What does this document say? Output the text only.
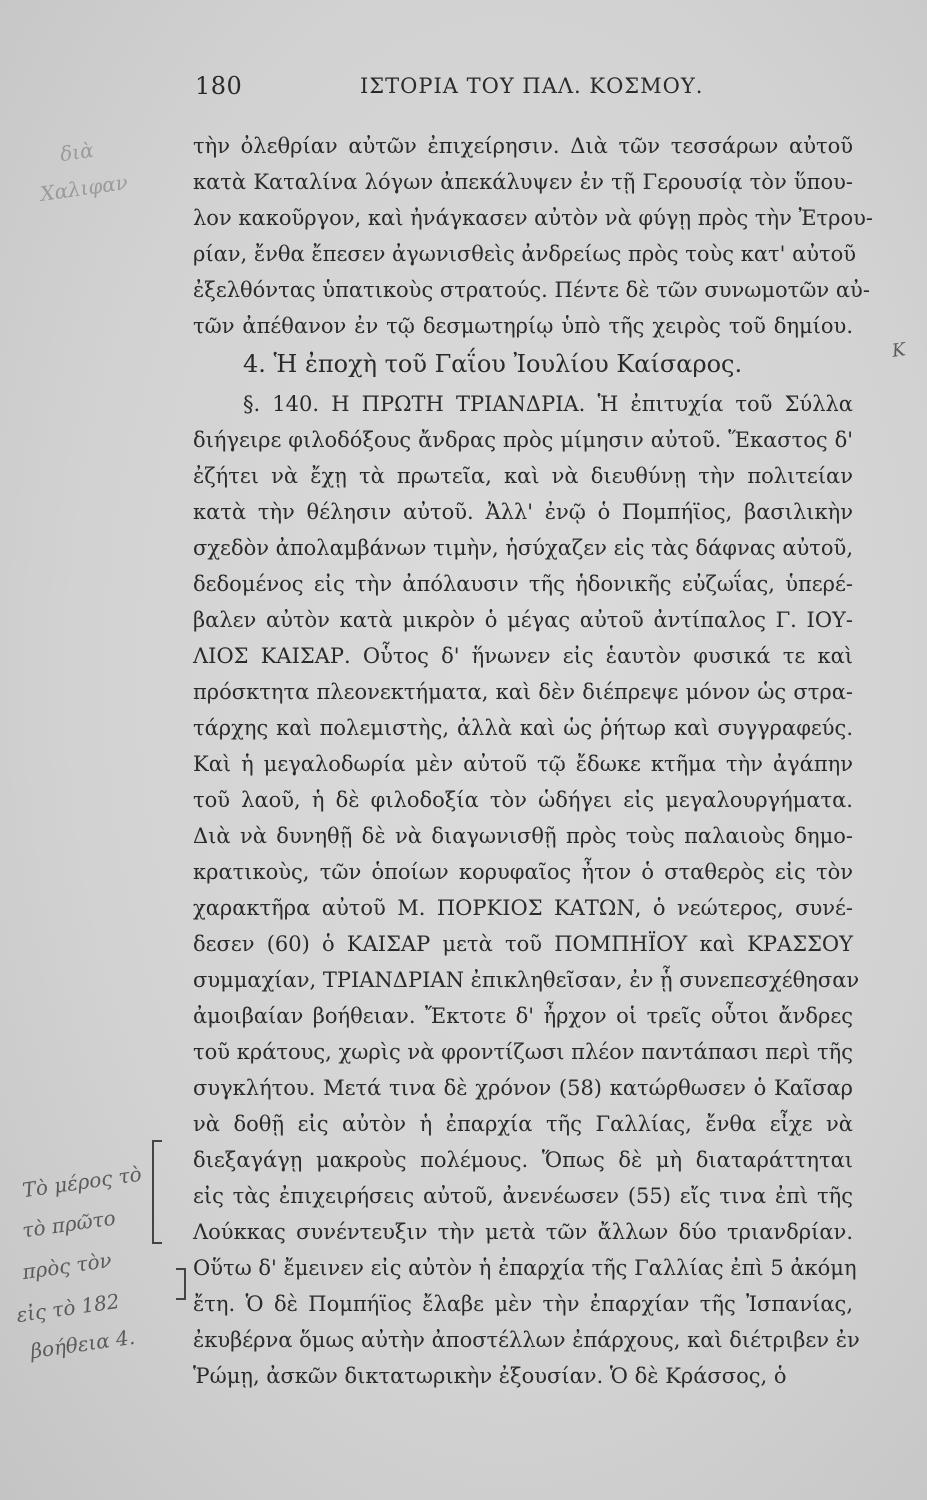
180	ΙΣΤΟΡΙΑ ΤΟΥ ΠΑΛ. ΚΟΣΜΟΥ.
τὴν ὀλεθρίαν αὐτῶν ἐπιχείρησιν. Διὰ τῶν τεσσάρων αὐτοῦ
κατὰ Καταλίνα λόγων ἀπεκάλυψεν ἐν τῇ Γερουσίᾳ τὸν ὕπου-
λον κακοῦργον, καὶ ἠνάγκασεν αὐτὸν νὰ φύγῃ πρὸς τὴν Ἐτρου-
ρίαν, ἔνθα ἔπεσεν ἀγωνισθεὶς ἀνδρείως πρὸς τοὺς κατ' αὐτοῦ
ἐξελθόντας ὑπατικοὺς στρατούς. Πέντε δὲ τῶν συνωμοτῶν αὐ-
τῶν ἀπέθανον ἐν τῷ δεσμωτηρίῳ ὑπὸ τῆς χειρὸς τοῦ δημίου.
4. Ἡ ἐποχὴ τοῦ Γαΐου Ἰουλίου Καίσαρος.
§. 140. Η ΠΡΩΤΗ ΤΡΙΑΝΔΡΙΑ. Ἡ ἐπιτυχία τοῦ Σύλλα
διήγειρε φιλοδόξους ἄνδρας πρὸς μίμησιν αὐτοῦ. Ἕκαστος δ'
ἐζήτει νὰ ἔχῃ τὰ πρωτεῖα, καὶ νὰ διευθύνῃ τὴν πολιτείαν
κατὰ τὴν θέλησιν αὐτοῦ. Ἀλλ' ἐνῷ ὁ Πομπήϊος, βασιλικὴν
σχεδὸν ἀπολαμβάνων τιμὴν, ἡσύχαζεν εἰς τὰς δάφνας αὐτοῦ,
δεδομένος εἰς τὴν ἀπόλαυσιν τῆς ἡδονικῆς εὐζωΐας, ὑπερέ-
βαλεν αὐτὸν κατὰ μικρὸν ὁ μέγας αὐτοῦ ἀντίπαλος Γ. ΙΟΥ-
ΛΙΟΣ ΚΑΙΣΑΡ. Οὗτος δ' ἥνωνεν εἰς ἑαυτὸν φυσικά τε καὶ
πρόσκτητα πλεονεκτήματα, καὶ δὲν διέπρεψε μόνον ὡς στρα-
τάρχης καὶ πολεμιστὴς, ἀλλὰ καὶ ὡς ῥήτωρ καὶ συγγραφεύς.
Καὶ ἡ μεγαλοδωρία μὲν αὐτοῦ τῷ ἔδωκε κτῆμα τὴν ἀγάπην
τοῦ λαοῦ, ἡ δὲ φιλοδοξία τὸν ὡδήγει εἰς μεγαλουργήματα.
Διὰ νὰ δυνηθῇ δὲ νὰ διαγωνισθῇ πρὸς τοὺς παλαιοὺς δημο-
κρατικοὺς, τῶν ὁποίων κορυφαῖος ἦτον ὁ σταθερὸς εἰς τὸν
χαρακτῆρα αὐτοῦ Μ. ΠΟΡΚΙΟΣ ΚΑΤΩΝ, ὁ νεώτερος, συνέ-
δεσεν (60) ὁ ΚΑΙΣΑΡ μετὰ τοῦ ΠΟΜΠΗΪΟΥ καὶ ΚΡΑΣΣΟΥ
συμμαχίαν, ΤΡΙΑΝΔΡΙΑΝ ἐπικληθεῖσαν, ἐν ᾗ συνεπεσχέθησαν
ἀμοιβαίαν βοήθειαν. Ἔκτοτε δ' ἦρχον οἱ τρεῖς οὗτοι ἄνδρες
τοῦ κράτους, χωρὶς νὰ φροντίζωσι πλέον παντάπασι περὶ τῆς
συγκλήτου. Μετά τινα δὲ χρόνον (58) κατώρθωσεν ὁ Καῖσαρ
νὰ δοθῇ εἰς αὐτὸν ἡ ἐπαρχία τῆς Γαλλίας, ἔνθα εἶχε νὰ
διεξαγάγῃ μακροὺς πολέμους. Ὅπως δὲ μὴ διαταράττηται
εἰς τὰς ἐπιχειρήσεις αὐτοῦ, ἀνενέωσεν (55) εἴς τινα ἐπὶ τῆς
Λούκκας συνέντευξιν τὴν μετὰ τῶν ἄλλων δύο τριανδρίαν.
Οὕτω δ' ἔμεινεν εἰς αὐτὸν ἡ ἐπαρχία τῆς Γαλλίας ἐπὶ 5 ἀκόμη
ἔτη. Ὁ δὲ Πομπήϊος ἔλαβε μὲν τὴν ἐπαρχίαν τῆς Ἰσπανίας,
ἐκυβέρνα ὅμως αὐτὴν ἀποστέλλων ἐπάρχους, καὶ διέτριβεν ἐν
Ῥώμῃ, ἀσκῶν δικτατωρικὴν ἐξουσίαν. Ὁ δὲ Κράσσος, ὁ
διὰ
Χαλιφαν
K
Τὸ μέρος τὸ
τὸ πρῶτο
πρὸς τὸν
εἰς τὸ 182
βοήθεια 4.
